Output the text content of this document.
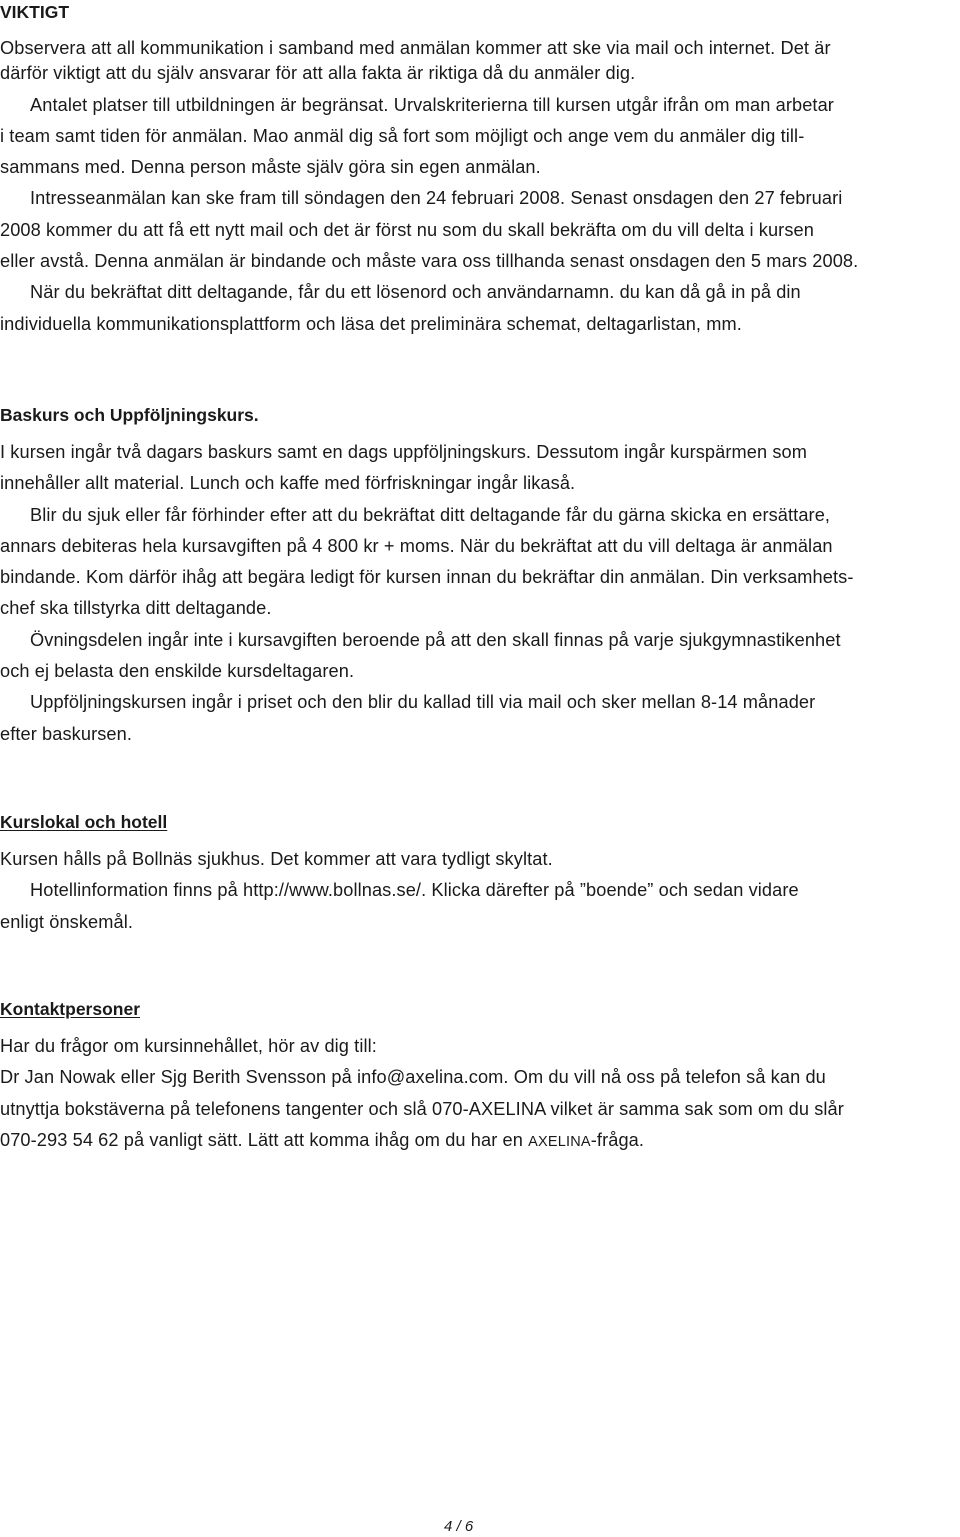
VIKTIGT
Observera att all kommunikation i samband med anmälan kommer att ske via mail och internet. Det är
därför viktigt att du själv ansvarar för att alla fakta är riktiga då du anmäler dig.
Antalet platser till utbildningen är begränsat. Urvalskriterierna till kursen utgår ifrån om man arbetar
i team samt tiden för anmälan. Mao anmäl dig så fort som möjligt och ange vem du anmäler dig till-
sammans med. Denna person måste själv göra sin egen anmälan.
Intresseanmälan kan ske fram till söndagen den 24 februari 2008. Senast onsdagen den 27 februari
2008 kommer du att få ett nytt mail och det är först nu som du skall bekräfta om du vill delta i kursen
eller avstå. Denna anmälan är bindande och måste vara oss tillhanda senast onsdagen den 5 mars 2008.
När du bekräftat ditt deltagande, får du ett lösenord och användarnamn. du kan då gå in på din
individuella kommunikationsplattform och läsa det preliminära schemat, deltagarlistan, mm.
Baskurs och Uppföljningskurs.
I kursen ingår två dagars baskurs samt en dags uppföljningskurs. Dessutom ingår kurspärmen som
innehåller allt material. Lunch och kaffe med förfriskningar ingår likaså.
Blir du sjuk eller får förhinder efter att du bekräftat ditt deltagande får du gärna skicka en ersättare,
annars debiteras hela kursavgiften på 4 800 kr + moms. När du bekräftat att du vill deltaga är anmälan
bindande. Kom därför ihåg att begära ledigt för kursen innan du bekräftar din anmälan. Din verksamhets-
chef ska tillstyrka ditt deltagande.
Övningsdelen ingår inte i kursavgiften beroende på att den skall finnas på varje sjukgymnastikenhet
och ej belasta den enskilde kursdeltagaren.
Uppföljningskursen ingår i priset och den blir du kallad till via mail och sker mellan 8-14 månader
efter baskursen.
Kurslokal och hotell
Kursen hålls på Bollnäs sjukhus. Det kommer att vara tydligt skyltat.
Hotellinformation finns på http://www.bollnas.se/. Klicka därefter på ”boende” och sedan vidare
enligt önskemål.
Kontaktpersoner
Har du frågor om kursinnehållet, hör av dig till:
Dr Jan Nowak eller Sjg Berith Svensson på info@axelina.com. Om du vill nå oss på telefon så kan du
utnyttja bokstäverna på telefonens tangenter och slå 070-AXELINA vilket är samma sak som om du slår
070-293 54 62 på vanligt sätt. Lätt att komma ihåg om du har en AXELINA-fråga.
4 / 6
